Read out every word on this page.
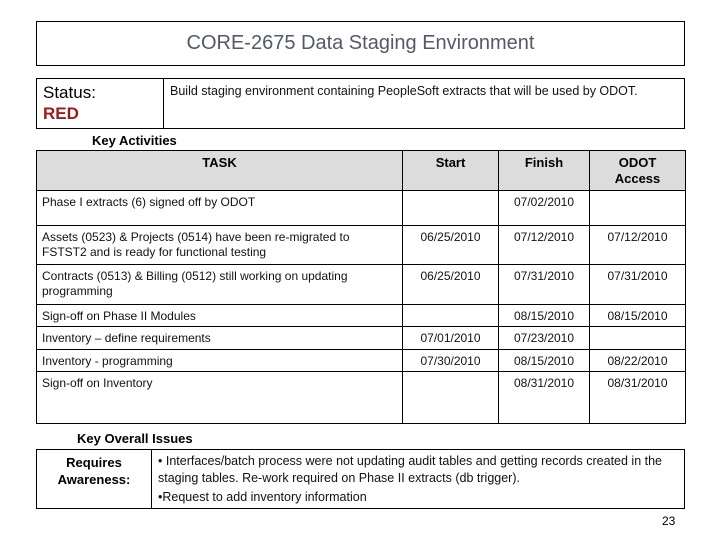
CORE-2675 Data Staging Environment
Status:
RED
Build staging environment containing PeopleSoft extracts that will be used by ODOT.
Key Activities
TASK	Start	Finish	ODOT Access
Phase I extracts (6) signed off by ODOT		07/02/2010	
Assets (0523) & Projects (0514) have been re-migrated to FSTST2 and is ready for functional testing	06/25/2010	07/12/2010	07/12/2010
Contracts (0513) & Billing (0512) still working on updating programming	06/25/2010	07/31/2010	07/31/2010
Sign-off on Phase II Modules		08/15/2010	08/15/2010
Inventory – define requirements	07/01/2010	07/23/2010	
Inventory - programming	07/30/2010	08/15/2010	08/22/2010
Sign-off on Inventory		08/31/2010	08/31/2010
Key Overall Issues
Requires Awareness:
• Interfaces/batch process were not updating audit tables and getting records created in the staging tables. Re-work required on Phase II extracts (db trigger).
•Request to add inventory information
23
